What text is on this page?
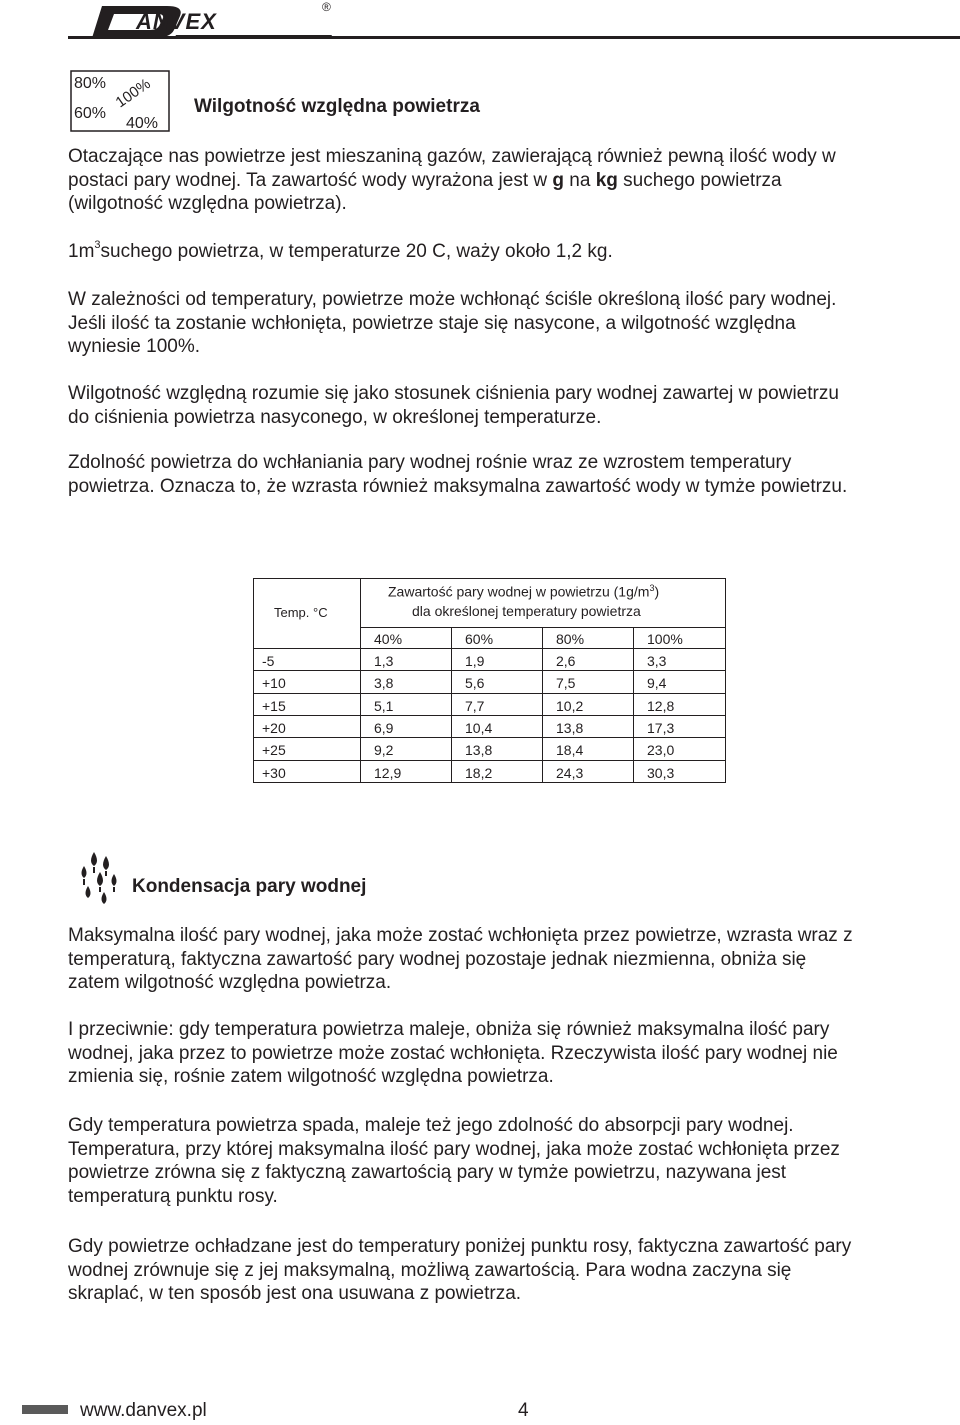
ANVEX
®
80% 100%
60%
40%
Wilgotność względna powietrza

Otaczające nas powietrze jest mieszaniną gazów, zawierającą również pewną ilość wody w
postaci pary wodnej. Ta zawartość wody wyrażona jest w g na kg suchego powietrza
(wilgotność względna powietrza).

$1m^3suchego$ powietrza, w temperaturze 20 C, waży około 1,2 kg.

W zależności od temperatury, powietrze może wchłonąć ściśle określoną ilość pary wodnej.
Jeśli ilość ta zostanie wchłonięta, powietrze staje się nasycone, a wilgotność względna
wyniesie 100%.

Wilgotność względną rozumie się jako stosunek ciśnienia pary wodnej zawartej w powietrzu
do ciśnienia powietrza nasyconego, w określonej temperaturze.

Zdolność powietrza do wchłaniania pary wodnej rośnie wraz ze wzrostem temperatury
powietrza. Oznacza to, że wzrasta również maksymalna zawartość wody w tymże powietrzu.

Temp. °C
Zawartość pary wodnej w powietrzu $(1g/m^3)$
dla określonej temperatury powietrza
40%	60%	80%	100%
-5	1,3	1,9	2,6	3,3
+10	3,8	5,6	7,5	9,4
+15	5,1	7,7	10,2	12,8
+20	6,9	10,4	13,8	17,3
+25	9,2	13,8	18,4	23,0
+30	12,9	18,2	24,3	30,3
Kondensacja pary wodnej

Maksymalna ilość pary wodnej, jaka może zostać wchłonięta przez powietrze, wzrasta wraz z
temperaturą, faktyczna zawartość pary wodnej pozostaje jednak niezmienna, obniża się
zatem wilgotność względna powietrza.

I przeciwnie: gdy temperatura powietrza maleje, obniża się również maksymalna ilość pary
wodnej, jaka przez to powietrze może zostać wchłonięta. Rzeczywista ilość pary wodnej nie
zmienia się, rośnie zatem wilgotność względna powietrza.

Gdy temperatura powietrza spada, maleje też jego zdolność do absorpcji pary wodnej.
Temperatura, przy której maksymalna ilość pary wodnej, jaka może zostać wchłonięta przez
powietrze zrówna się z faktyczną zawartością pary w tymże powietrzu, nazywana jest
temperaturą punktu rosy.

Gdy powietrze ochładzane jest do temperatury poniżej punktu rosy, faktyczna zawartość pary
wodnej zrównuje się z jej maksymalną, możliwą zawartością. Para wodna zaczyna się
skraplać, w ten sposób jest ona usuwana z powietrza.

www.danvex.pl	4
